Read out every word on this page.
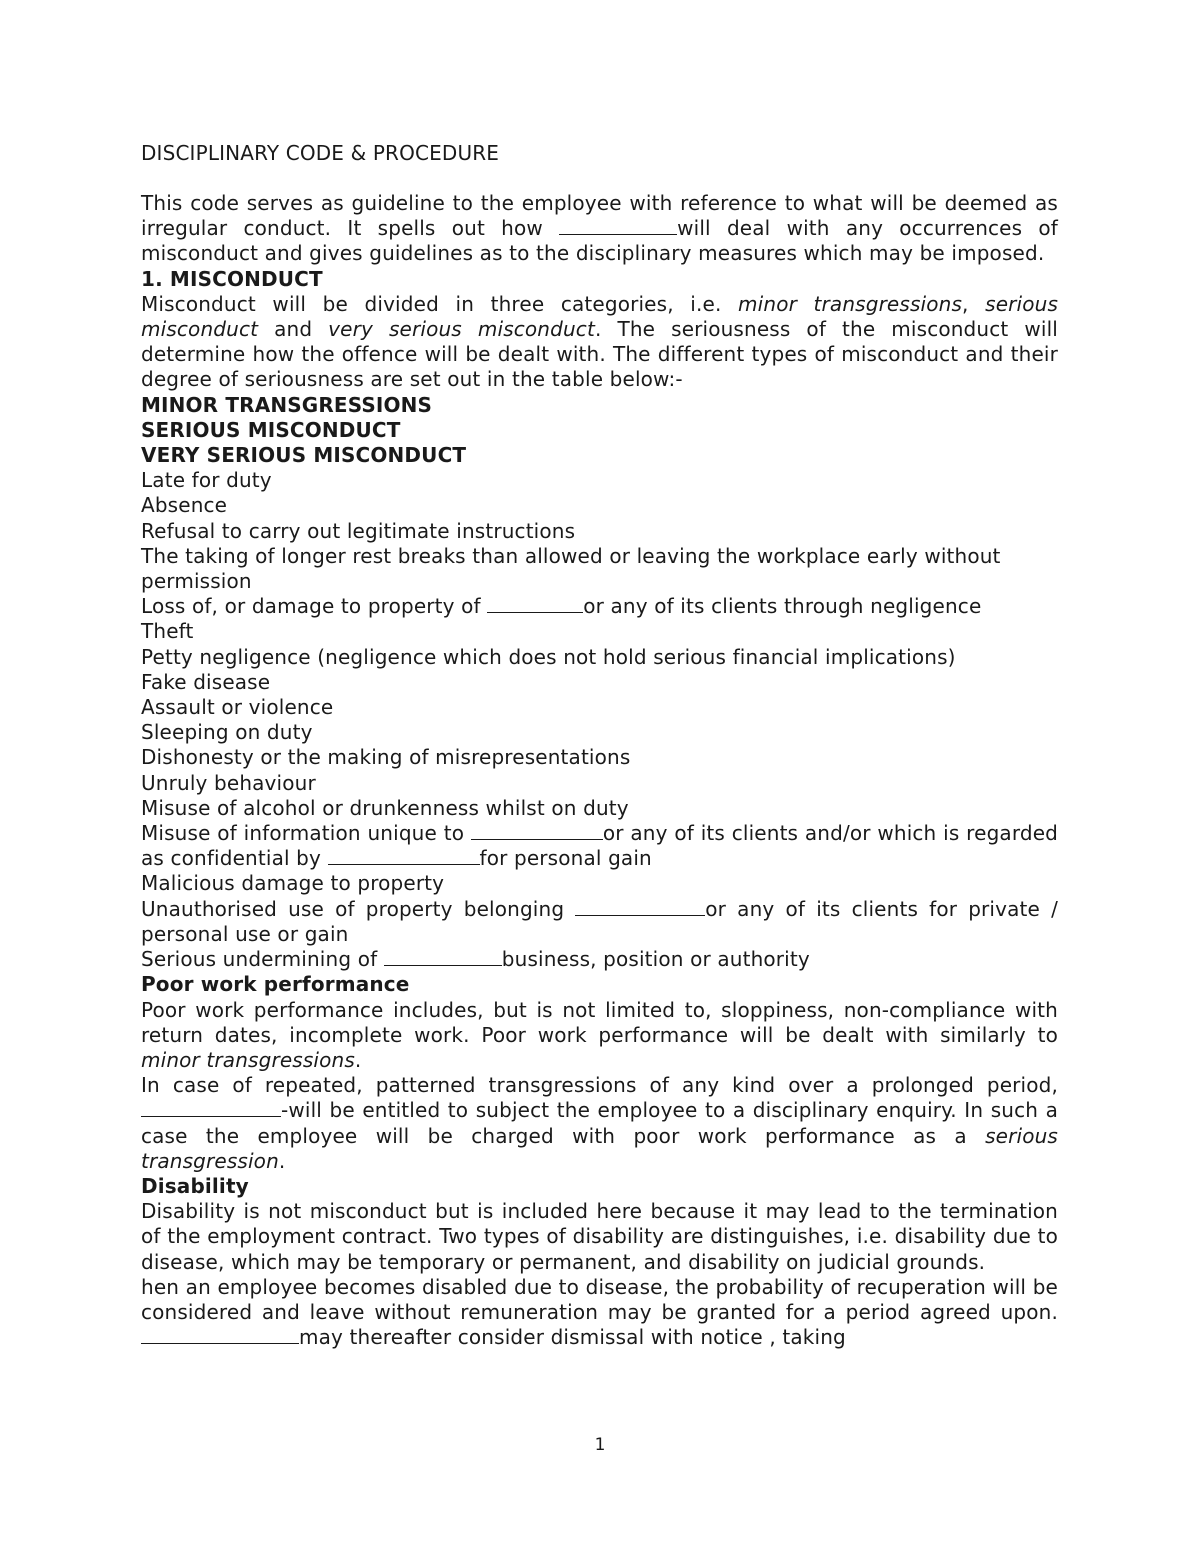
DISCIPLINARY CODE & PROCEDURE

This code serves as guideline to the employee with reference to what will be deemed as irregular conduct. It spells out how	will deal with any occurrences of misconduct and gives guidelines as to the disciplinary measures which may be imposed.

1. MISCONDUCT

Misconduct will be divided in three categories, i.e. minor transgressions, serious misconduct and very serious misconduct. The seriousness of the misconduct will determine how the offence will be dealt with. The different types of misconduct and their degree of seriousness are set out in the table below:-

MINOR TRANSGRESSIONS

SERIOUS MISCONDUCT

VERY SERIOUS MISCONDUCT

Late for duty

Absence

Refusal to carry out legitimate instructions

The taking of longer rest breaks than allowed or leaving the workplace early without permission

Loss of, or damage to property of	or any of its clients through negligence

Theft

Petty negligence (negligence which does not hold serious financial implications)

Fake disease

Assault or violence

Sleeping on duty

Dishonesty or the making of misrepresentations

Unruly behaviour

Misuse of alcohol or drunkenness whilst on duty

Misuse of information unique to	or any of its clients and/or which is regarded as confidential by	for personal gain

Malicious damage to property

Unauthorised use of property belonging	or any of its clients for private / personal use or gain

Serious undermining of	business, position or authority

Poor work performance

Poor work performance includes, but is not limited to, sloppiness, non-compliance with return dates, incomplete work. Poor work performance will be dealt with similarly to minor transgressions.

In case of repeated, patterned transgressions of any kind over a prolonged period, -will be entitled to subject the employee to a disciplinary enquiry. In such a case the employee will be charged with poor work performance as a serious transgression.

Disability

Disability is not misconduct but is included here because it may lead to the termination of the employment contract. Two types of disability are distinguishes, i.e. disability due to disease, which may be temporary or permanent, and disability on judicial grounds.

hen an employee becomes disabled due to disease, the probability of recuperation will be considered and leave without remuneration may be granted for a period agreed upon. may thereafter consider dismissal with notice , taking

1
